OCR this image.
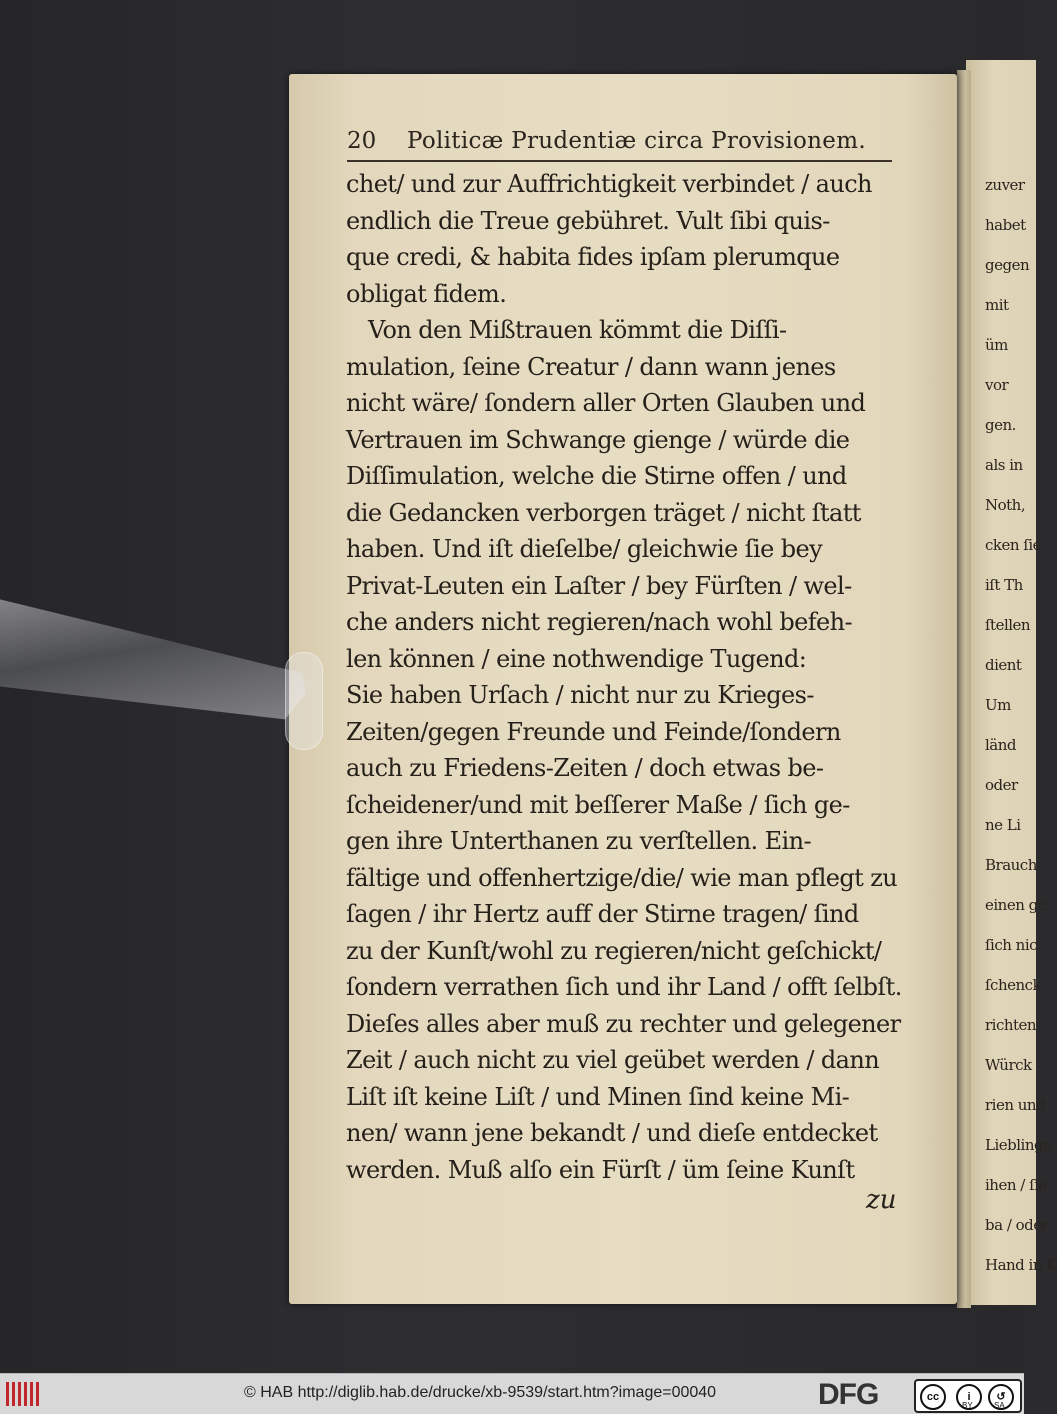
zuver
habet
gegen
mit
üm
vor
gen.
als in
Noth,
cken ſie
iſt Th
ſtellen
dient
Um
länd
oder
ne Li
Brauch
einen ge
ſich nic
ſchenck
richten
Würck
rien und
Lieblinge
ihen / ſie
ba / oder
Hand in K
20 Politicæ Prudentiæ circa Provisionem.
chet/ und zur Auffrichtigkeit verbindet / auch
endlich die Treue gebühret. Vult ſibi quis-
que credi, & habita fides ipſam plerumque
obligat fidem.
Von den Mißtrauen kömmt die Diſſi-
mulation, ſeine Creatur / dann wann jenes
nicht wäre/ ſondern aller Orten Glauben und
Vertrauen im Schwange gienge / würde die
Diſſimulation, welche die Stirne offen / und
die Gedancken verborgen träget / nicht ſtatt
haben. Und iſt dieſelbe/ gleichwie ſie bey
Privat-Leuten ein Laſter / bey Fürſten / wel-
che anders nicht regieren/nach wohl befeh-
len können / eine nothwendige Tugend:
Sie haben Urſach / nicht nur zu Krieges-
Zeiten/gegen Freunde und Feinde/ſondern
auch zu Friedens-Zeiten / doch etwas be-
ſcheidener/und mit beſſerer Maße / ſich ge-
gen ihre Unterthanen zu verſtellen. Ein-
fältige und offenhertzige/die/ wie man pflegt zu
ſagen / ihr Hertz auff der Stirne tragen/ ſind
zu der Kunſt/wohl zu regieren/nicht geſchickt/
ſondern verrathen ſich und ihr Land / offt ſelbſt.
Dieſes alles aber muß zu rechter und gelegener
Zeit / auch nicht zu viel geübet werden / dann
Liſt iſt keine Liſt / und Minen ſind keine Mi-
nen/ wann jene bekandt / und dieſe entdecket
werden. Muß alſo ein Fürſt / üm ſeine Kunſt
zu
© HAB http://diglib.hab.de/drucke/xb-9539/start.htm?image=00040	DFG	cc	i	↺
BY	SA
